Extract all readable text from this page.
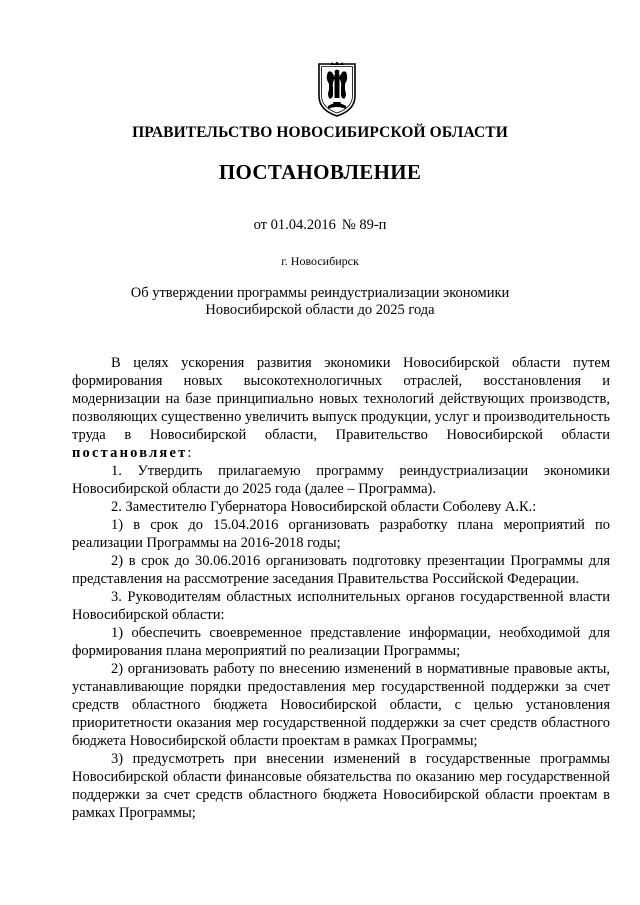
ПРАВИТЕЛЬСТВО НОВОСИБИРСКОЙ ОБЛАСТИ
ПОСТАНОВЛЕНИЕ
от 01.04.2016 № 89-п
г. Новосибирск
Об утверждении программы реиндустриализации экономики
Новосибирской области до 2025 года

В целях ускорения развития экономики Новосибирской области путем формирования новых высокотехнологичных отраслей, восстановления и модернизации на базе принципиально новых технологий действующих производств, позволяющих существенно увеличить выпуск продукции, услуг и производительность труда в Новосибирской области, Правительство Новосибирской области постановляет:

1. Утвердить прилагаемую программу реиндустриализации экономики Новосибирской области до 2025 года (далее – Программа).

2. Заместителю Губернатора Новосибирской области Соболеву А.К.:

1) в срок до 15.04.2016 организовать разработку плана мероприятий по реализации Программы на 2016-2018 годы;

2) в срок до 30.06.2016 организовать подготовку презентации Программы для представления на рассмотрение заседания Правительства Российской Федерации.

3. Руководителям областных исполнительных органов государственной власти Новосибирской области:

1) обеспечить своевременное представление информации, необходимой для формирования плана мероприятий по реализации Программы;

2) организовать работу по внесению изменений в нормативные правовые акты, устанавливающие порядки предоставления мер государственной поддержки за счет средств областного бюджета Новосибирской области, с целью установления приоритетности оказания мер государственной поддержки за счет средств областного бюджета Новосибирской области проектам в рамках Программы;

3) предусмотреть при внесении изменений в государственные программы Новосибирской области финансовые обязательства по оказанию мер государственной поддержки за счет средств областного бюджета Новосибирской области проектам в рамках Программы;
